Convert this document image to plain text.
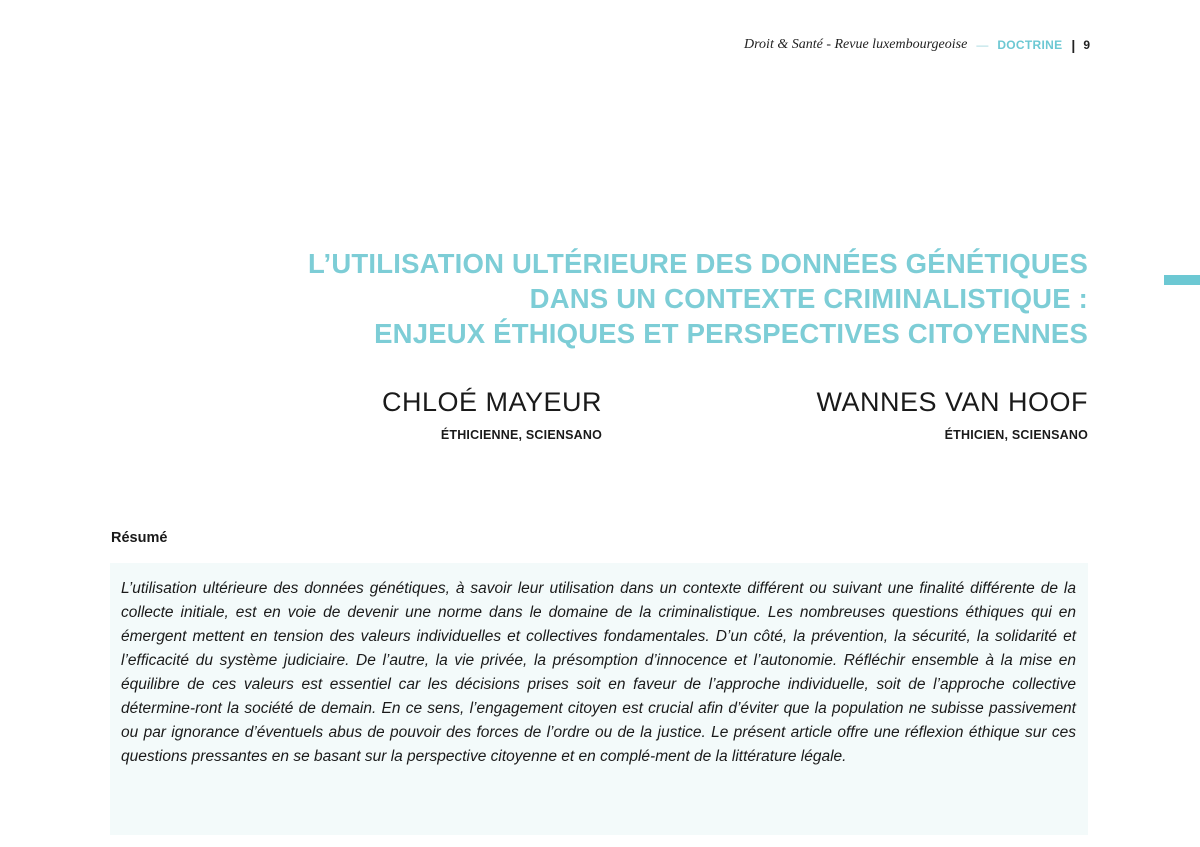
Droit & Santé - Revue luxembourgeoise — DOCTRINE | 9
L’UTILISATION ULTÉRIEURE DES DONNÉES GÉNÉTIQUES
DANS UN CONTEXTE CRIMINALISTIQUE :
ENJEUX ÉTHIQUES ET PERSPECTIVES CITOYENNES
CHLOÉ MAYEUR
ÉTHICIENNE, SCIENSANO
WANNES VAN HOOF
ÉTHICIEN, SCIENSANO
Résumé

L’utilisation ultérieure des données génétiques, à savoir leur utilisation dans un contexte différent ou suivant une finalité différente de la collecte initiale, est en voie de devenir une norme dans le domaine de la criminalistique. Les nombreuses questions éthiques qui en émergent mettent en tension des valeurs individuelles et collectives fondamentales. D’un côté, la prévention, la sécurité, la solidarité et l’efficacité du système judiciaire. De l’autre, la vie privée, la présomption d’innocence et l’autonomie. Réfléchir ensemble à la mise en équilibre de ces valeurs est essentiel car les décisions prises soit en faveur de l’approche individuelle, soit de l’approche collective détermine-ront la société de demain. En ce sens, l’engagement citoyen est crucial afin d’éviter que la population ne subisse passivement ou par ignorance d’éventuels abus de pouvoir des forces de l’ordre ou de la justice. Le présent article offre une réflexion éthique sur ces questions pressantes en se basant sur la perspective citoyenne et en complé-ment de la littérature légale.
